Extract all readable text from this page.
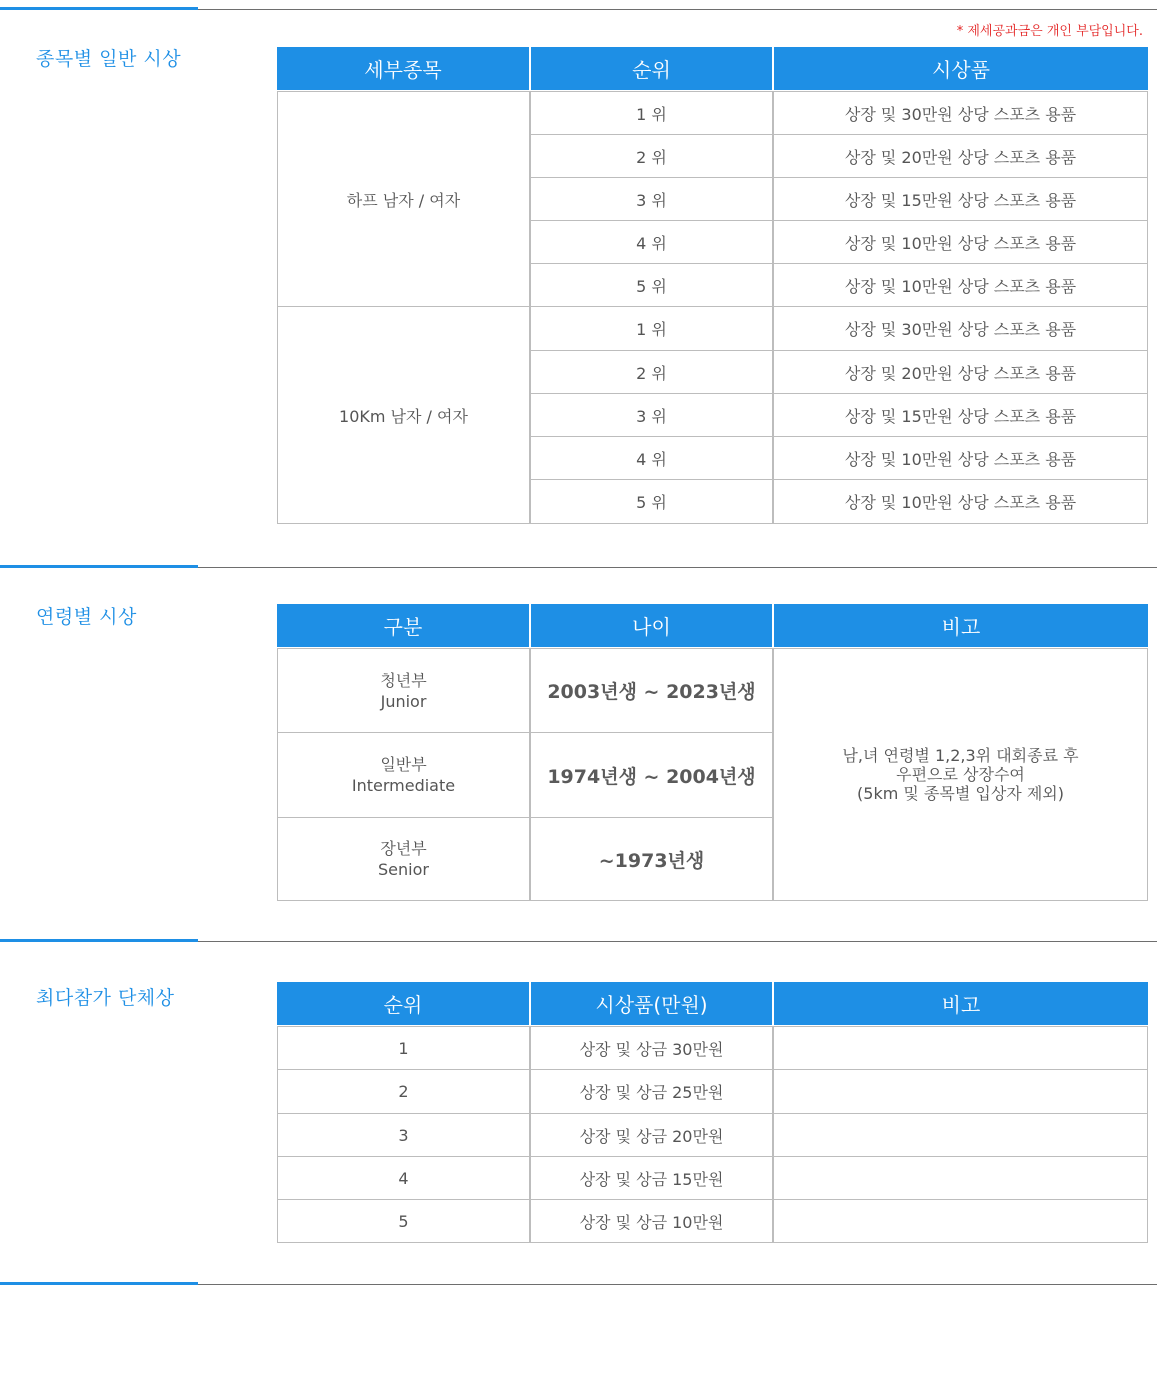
종목별 일반 시상
연령별 시상
최다참가 단체상
* 제세공과금은 개인 부담입니다.
세부종목	순위	시상품
하프 남자 / 여자
1 위	상장 및 30만원 상당 스포츠 용품
2 위	상장 및 20만원 상당 스포츠 용품
3 위	상장 및 15만원 상당 스포츠 용품
4 위	상장 및 10만원 상당 스포츠 용품
5 위	상장 및 10만원 상당 스포츠 용품
10Km 남자 / 여자
1 위	상장 및 30만원 상당 스포츠 용품
2 위	상장 및 20만원 상당 스포츠 용품
3 위	상장 및 15만원 상당 스포츠 용품
4 위	상장 및 10만원 상당 스포츠 용품
5 위	상장 및 10만원 상당 스포츠 용품
구분	나이	비고
청년부
Junior	2003년생 ~ 2023년생
일반부
Intermediate	1974년생 ~ 2004년생
장년부
Senior	~1973년생
남,녀 연령별 1,2,3위 대회종료 후
우편으로 상장수여
(5km 및 종목별 입상자 제외)
순위	시상품(만원)	비고
1	상장 및 상금 30만원
2	상장 및 상금 25만원
3	상장 및 상금 20만원
4	상장 및 상금 15만원
5	상장 및 상금 10만원
